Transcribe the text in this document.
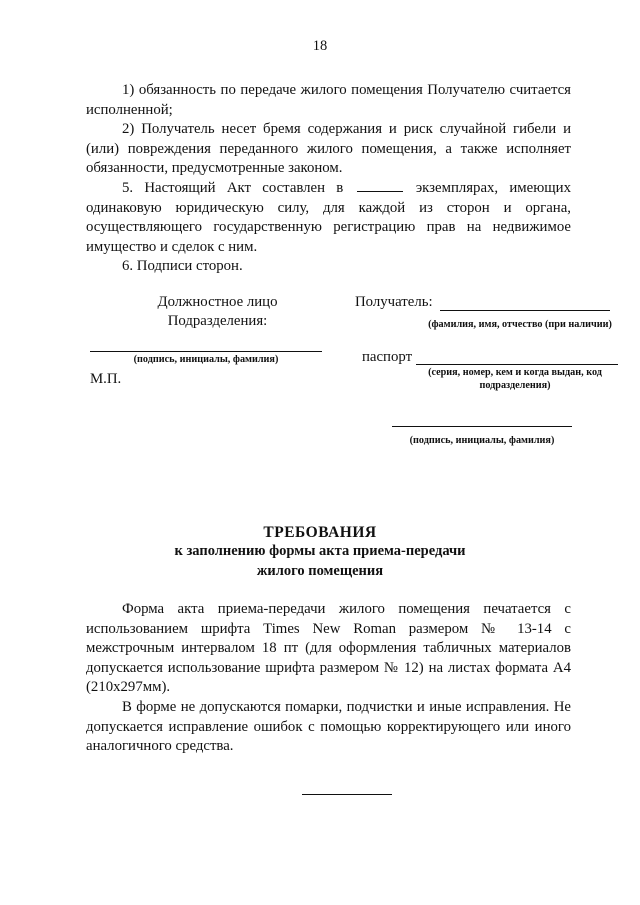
18

1) обязанность по передаче жилого помещения Получателю считается исполненной;

2) Получатель несет бремя содержания и риск случайной гибели и (или) повреждения переданного жилого помещения, а также исполняет обязанности, предусмотренные законом.

5. Настоящий Акт составлен в	экземплярах, имеющих одинаковую юридическую силу, для каждой из сторон и органа, осуществляющего государственную регистрацию прав на недвижимое имущество и сделок с ним.

6. Подписи сторон.

Должностное лицо
Подразделения:
(подпись, инициалы, фамилия)
М.П.
Получатель:
(фамилия, имя, отчество (при наличии)
паспорт
(серия, номер, кем и когда выдан, код
подразделения)
(подпись, инициалы, фамилия)
ТРЕБОВАНИЯ
к заполнению формы акта приема-передачи
жилого помещения

Форма акта приема-передачи жилого помещения печатается с использованием шрифта Times New Roman размером № 13-14 с межстрочным интервалом 18 пт (для оформления табличных материалов допускается использование шрифта размером № 12) на листах формата А4 (210х297мм).

В форме не допускаются помарки, подчистки и иные исправления. Не допускается исправление ошибок с помощью корректирующего или иного аналогичного средства.
